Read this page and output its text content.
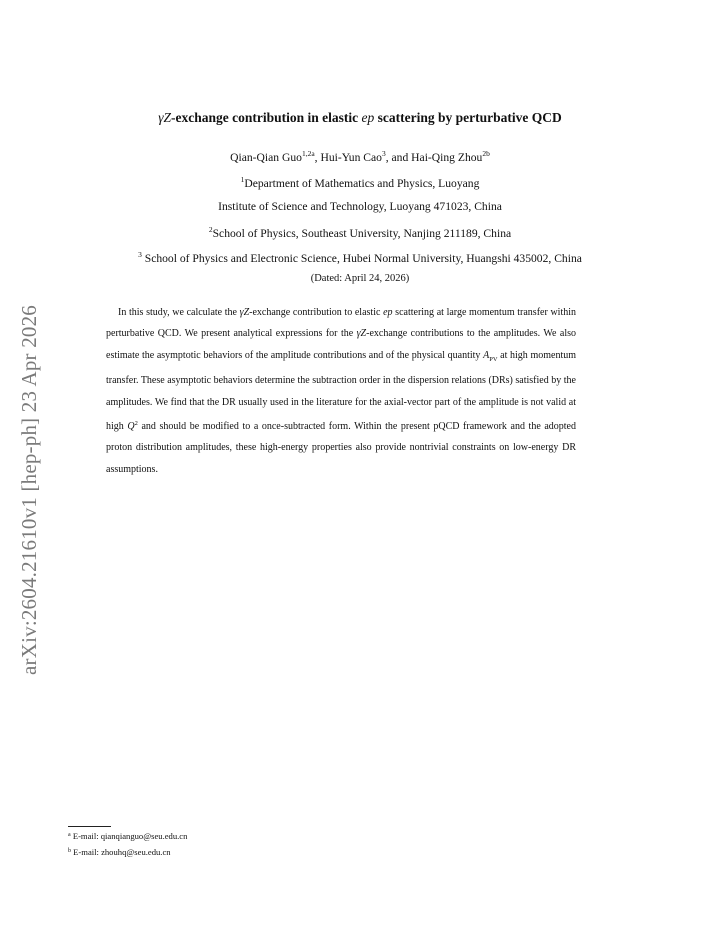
arXiv:2604.21610v1 [hep-ph] 23 Apr 2026
γZ-exchange contribution in elastic ep scattering by perturbative QCD
Qian-Qian Guo$^{1,2a}$, Hui-Yun Cao$^3$, and Hai-Qing Zhou$^{2b}$
$^1$Department of Mathematics and Physics, Luoyang
Institute of Science and Technology, Luoyang 471023, China
$^2$School of Physics, Southeast University, Nanjing 211189, China
$^3$ School of Physics and Electronic Science, Hubei Normal University, Huangshi 435002, China
(Dated: April 24, 2026)
In this study, we calculate the γZ-exchange contribution to elastic ep scattering at large momentum transfer within perturbative QCD. We present analytical expressions for the γZ-exchange contributions to the amplitudes. We also estimate the asymptotic behaviors of the amplitude contributions and of the physical quantity $A_{PV}$ at high momentum transfer. These asymptotic behaviors determine the subtraction order in the dispersion relations (DRs) satisfied by the amplitudes. We find that the DR usually used in the literature for the axial-vector part of the amplitude is not valid at high $Q^2$ and should be modified to a once-subtracted form. Within the present pQCD framework and the adopted proton distribution amplitudes, these high-energy properties also provide nontrivial constraints on low-energy DR assumptions.
$^a$ E-mail: qianqianguo@seu.edu.cn
$^b$ E-mail: zhouhq@seu.edu.cn
